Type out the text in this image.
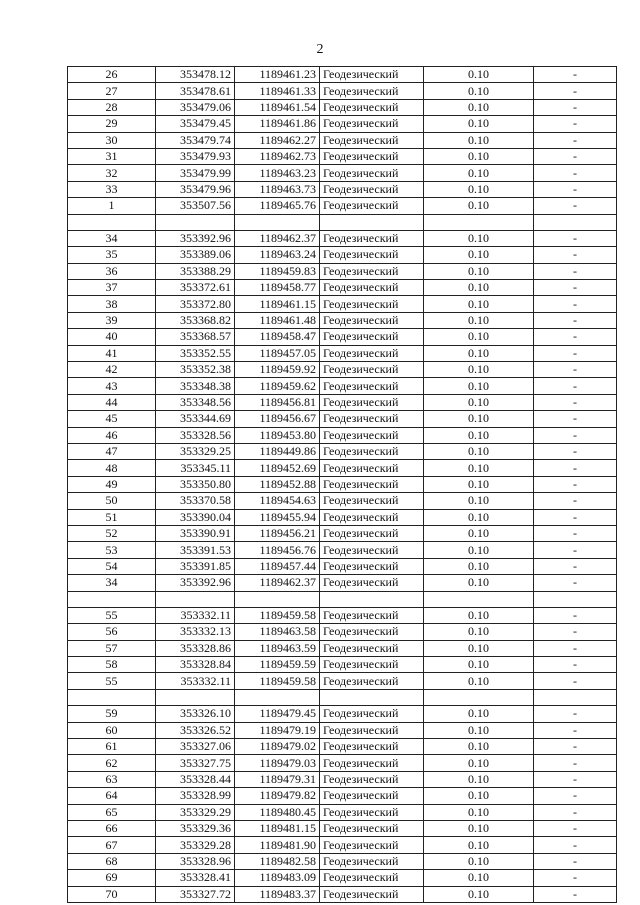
2
26	353478.12	1189461.23	Геодезический	0.10	-
27	353478.61	1189461.33	Геодезический	0.10	-
28	353479.06	1189461.54	Геодезический	0.10	-
29	353479.45	1189461.86	Геодезический	0.10	-
30	353479.74	1189462.27	Геодезический	0.10	-
31	353479.93	1189462.73	Геодезический	0.10	-
32	353479.99	1189463.23	Геодезический	0.10	-
33	353479.96	1189463.73	Геодезический	0.10	-
1	353507.56	1189465.76	Геодезический	0.10	-

34	353392.96	1189462.37	Геодезический	0.10	-
35	353389.06	1189463.24	Геодезический	0.10	-
36	353388.29	1189459.83	Геодезический	0.10	-
37	353372.61	1189458.77	Геодезический	0.10	-
38	353372.80	1189461.15	Геодезический	0.10	-
39	353368.82	1189461.48	Геодезический	0.10	-
40	353368.57	1189458.47	Геодезический	0.10	-
41	353352.55	1189457.05	Геодезический	0.10	-
42	353352.38	1189459.92	Геодезический	0.10	-
43	353348.38	1189459.62	Геодезический	0.10	-
44	353348.56	1189456.81	Геодезический	0.10	-
45	353344.69	1189456.67	Геодезический	0.10	-
46	353328.56	1189453.80	Геодезический	0.10	-
47	353329.25	1189449.86	Геодезический	0.10	-
48	353345.11	1189452.69	Геодезический	0.10	-
49	353350.80	1189452.88	Геодезический	0.10	-
50	353370.58	1189454.63	Геодезический	0.10	-
51	353390.04	1189455.94	Геодезический	0.10	-
52	353390.91	1189456.21	Геодезический	0.10	-
53	353391.53	1189456.76	Геодезический	0.10	-
54	353391.85	1189457.44	Геодезический	0.10	-
34	353392.96	1189462.37	Геодезический	0.10	-

55	353332.11	1189459.58	Геодезический	0.10	-
56	353332.13	1189463.58	Геодезический	0.10	-
57	353328.86	1189463.59	Геодезический	0.10	-
58	353328.84	1189459.59	Геодезический	0.10	-
55	353332.11	1189459.58	Геодезический	0.10	-

59	353326.10	1189479.45	Геодезический	0.10	-
60	353326.52	1189479.19	Геодезический	0.10	-
61	353327.06	1189479.02	Геодезический	0.10	-
62	353327.75	1189479.03	Геодезический	0.10	-
63	353328.44	1189479.31	Геодезический	0.10	-
64	353328.99	1189479.82	Геодезический	0.10	-
65	353329.29	1189480.45	Геодезический	0.10	-
66	353329.36	1189481.15	Геодезический	0.10	-
67	353329.28	1189481.90	Геодезический	0.10	-
68	353328.96	1189482.58	Геодезический	0.10	-
69	353328.41	1189483.09	Геодезический	0.10	-
70	353327.72	1189483.37	Геодезический	0.10	-
